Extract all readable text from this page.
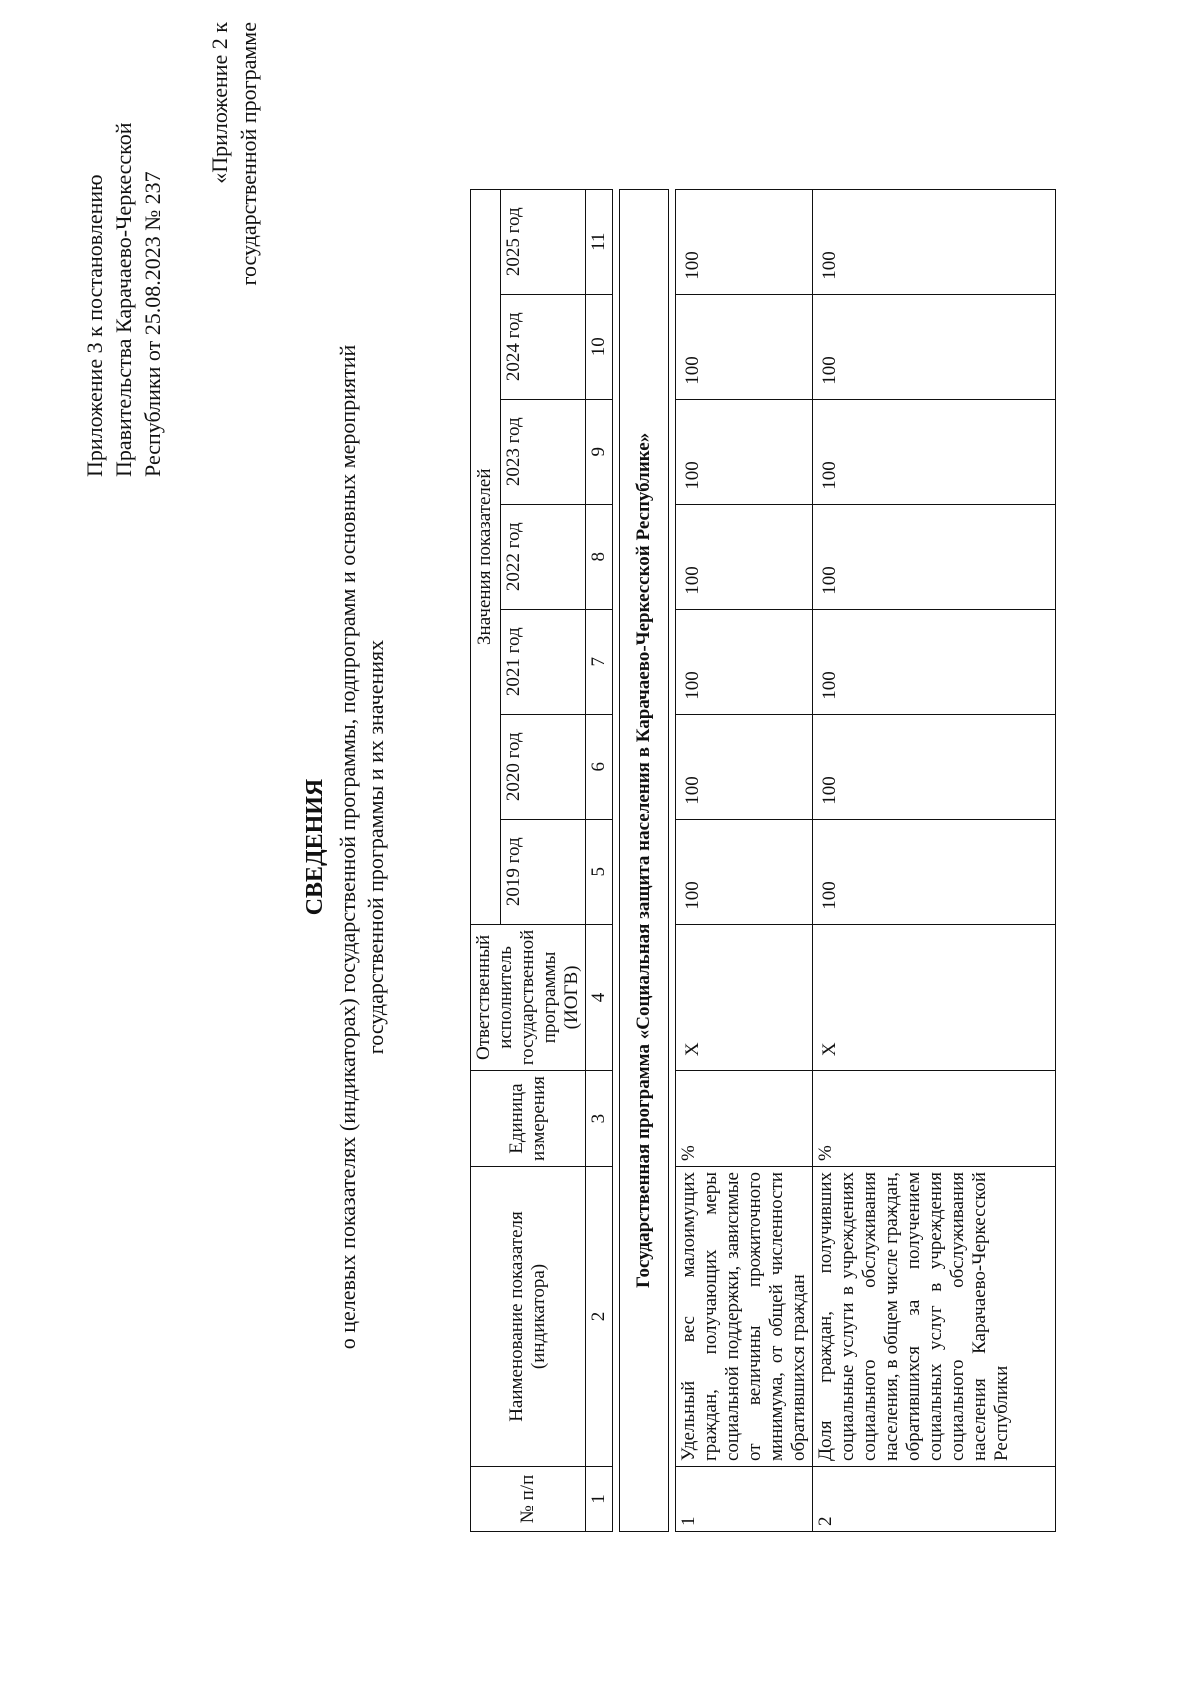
Приложение 3 к постановлению Правительства Карачаево-Черкесской Республики от 25.08.2023 № 237
«Приложение 2 к государственной программе
СВЕДЕНИЯ о целевых показателях (индикаторах) государственной программы, подпрограмм и основных мероприятий государственной программы и их значениях
№ п/п	Наименование показателя (индикатора)	Единица измерения	Ответственный исполнитель государственной программы (ИОГВ)	Значения показателей						
				2019 год	2020 год	2021 год	2022 год	2023 год	2024 год	2025 год
1	2	3	4	5	6	7	8	9	10	11

Государственная программа «Социальная защита населения в Карачаево-Черкесской Республике»										

1	Удельный вес малоимущих граждан, получающих меры социальной поддержки, зависимые от величины прожиточного минимума, от общей численности обратившихся граждан	%	Х	100	100	100	100	100	100	100
2	Доля граждан, получивших социальные услуги в учреждениях социального обслуживания населения, в общем числе граждан, обратившихся за получением социальных услуг в учреждения социального обслуживания населения Карачаево-Черкесской Республики	%	Х	100	100	100	100	100	100	100
